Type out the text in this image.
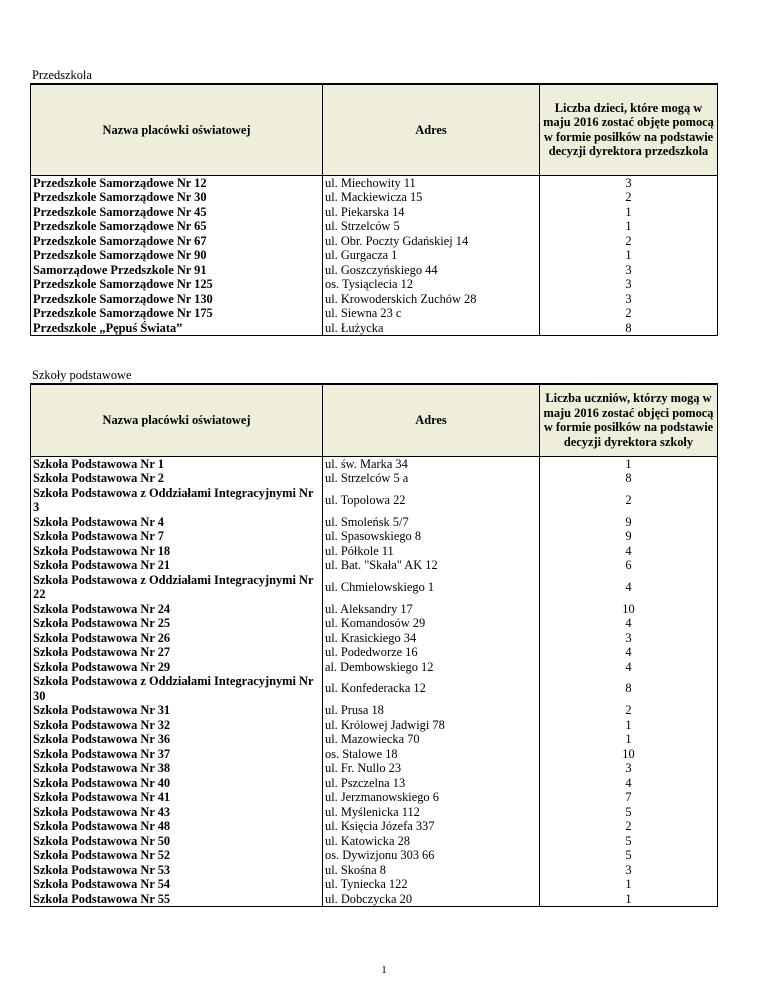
Przedszkola
Nazwa placówki oświatowej	Adres	Liczba dzieci, które mogą w maju 2016 zostać objęte pomocą w formie posiłków na podstawie decyzji dyrektora przedszkola
Przedszkole Samorządowe Nr 12	ul. Miechowity 11	3
Przedszkole Samorządowe Nr 30	ul. Mackiewicza 15	2
Przedszkole Samorządowe Nr 45	ul. Piekarska 14	1
Przedszkole Samorządowe Nr 65	ul. Strzelców 5	1
Przedszkole Samorządowe Nr 67	ul. Obr. Poczty Gdańskiej 14	2
Przedszkole Samorządowe Nr 90	ul. Gurgacza 1	1
Samorządowe Przedszkole Nr 91	ul. Goszczyńskiego 44	3
Przedszkole Samorządowe Nr 125	os. Tysiąclecia 12	3
Przedszkole Samorządowe Nr 130	ul. Krowoderskich Zuchów 28	3
Przedszkole Samorządowe Nr 175	ul. Siewna 23 c	2
Przedszkole „Pępuś Świata”	ul. Łużycka	8
Szkoły podstawowe
Nazwa placówki oświatowej	Adres	Liczba uczniów, którzy mogą w maju 2016 zostać objęci pomocą w formie posiłków na podstawie decyzji dyrektora szkoły
Szkoła Podstawowa Nr 1	ul. św. Marka 34	1
Szkoła Podstawowa Nr 2	ul. Strzelców 5 a	8
Szkoła Podstawowa z Oddziałami Integracyjnymi Nr 3	ul. Topolowa 22	2
Szkoła Podstawowa Nr 4	ul. Smoleńsk 5/7	9
Szkoła Podstawowa Nr 7	ul. Spasowskiego 8	9
Szkoła Podstawowa Nr 18	ul. Półkole 11	4
Szkoła Podstawowa Nr 21	ul. Bat. "Skała" AK 12	6
Szkoła Podstawowa z Oddziałami Integracyjnymi Nr 22	ul. Chmielowskiego 1	4
Szkoła Podstawowa Nr 24	ul. Aleksandry 17	10
Szkoła Podstawowa Nr 25	ul. Komandosów 29	4
Szkoła Podstawowa Nr 26	ul. Krasickiego 34	3
Szkoła Podstawowa Nr 27	ul. Podedworze 16	4
Szkoła Podstawowa Nr 29	al. Dembowskiego 12	4
Szkoła Podstawowa z Oddziałami Integracyjnymi Nr 30	ul. Konfederacka 12	8
Szkoła Podstawowa Nr 31	ul. Prusa 18	2
Szkoła Podstawowa Nr 32	ul. Królowej Jadwigi 78	1
Szkoła Podstawowa Nr 36	ul. Mazowiecka 70	1
Szkoła Podstawowa Nr 37	os. Stalowe 18	10
Szkoła Podstawowa Nr 38	ul. Fr. Nullo 23	3
Szkoła Podstawowa Nr 40	ul. Pszczelna 13	4
Szkoła Podstawowa Nr 41	ul. Jerzmanowskiego 6	7
Szkoła Podstawowa Nr 43	ul. Myślenicka 112	5
Szkoła Podstawowa Nr 48	ul. Księcia Józefa 337	2
Szkoła Podstawowa Nr 50	ul. Katowicka 28	5
Szkoła Podstawowa Nr 52	os. Dywizjonu 303 66	5
Szkoła Podstawowa Nr 53	ul. Skośna 8	3
Szkoła Podstawowa Nr 54	ul. Tyniecka 122	1
Szkoła Podstawowa Nr 55	ul. Dobczycka 20	1
1
